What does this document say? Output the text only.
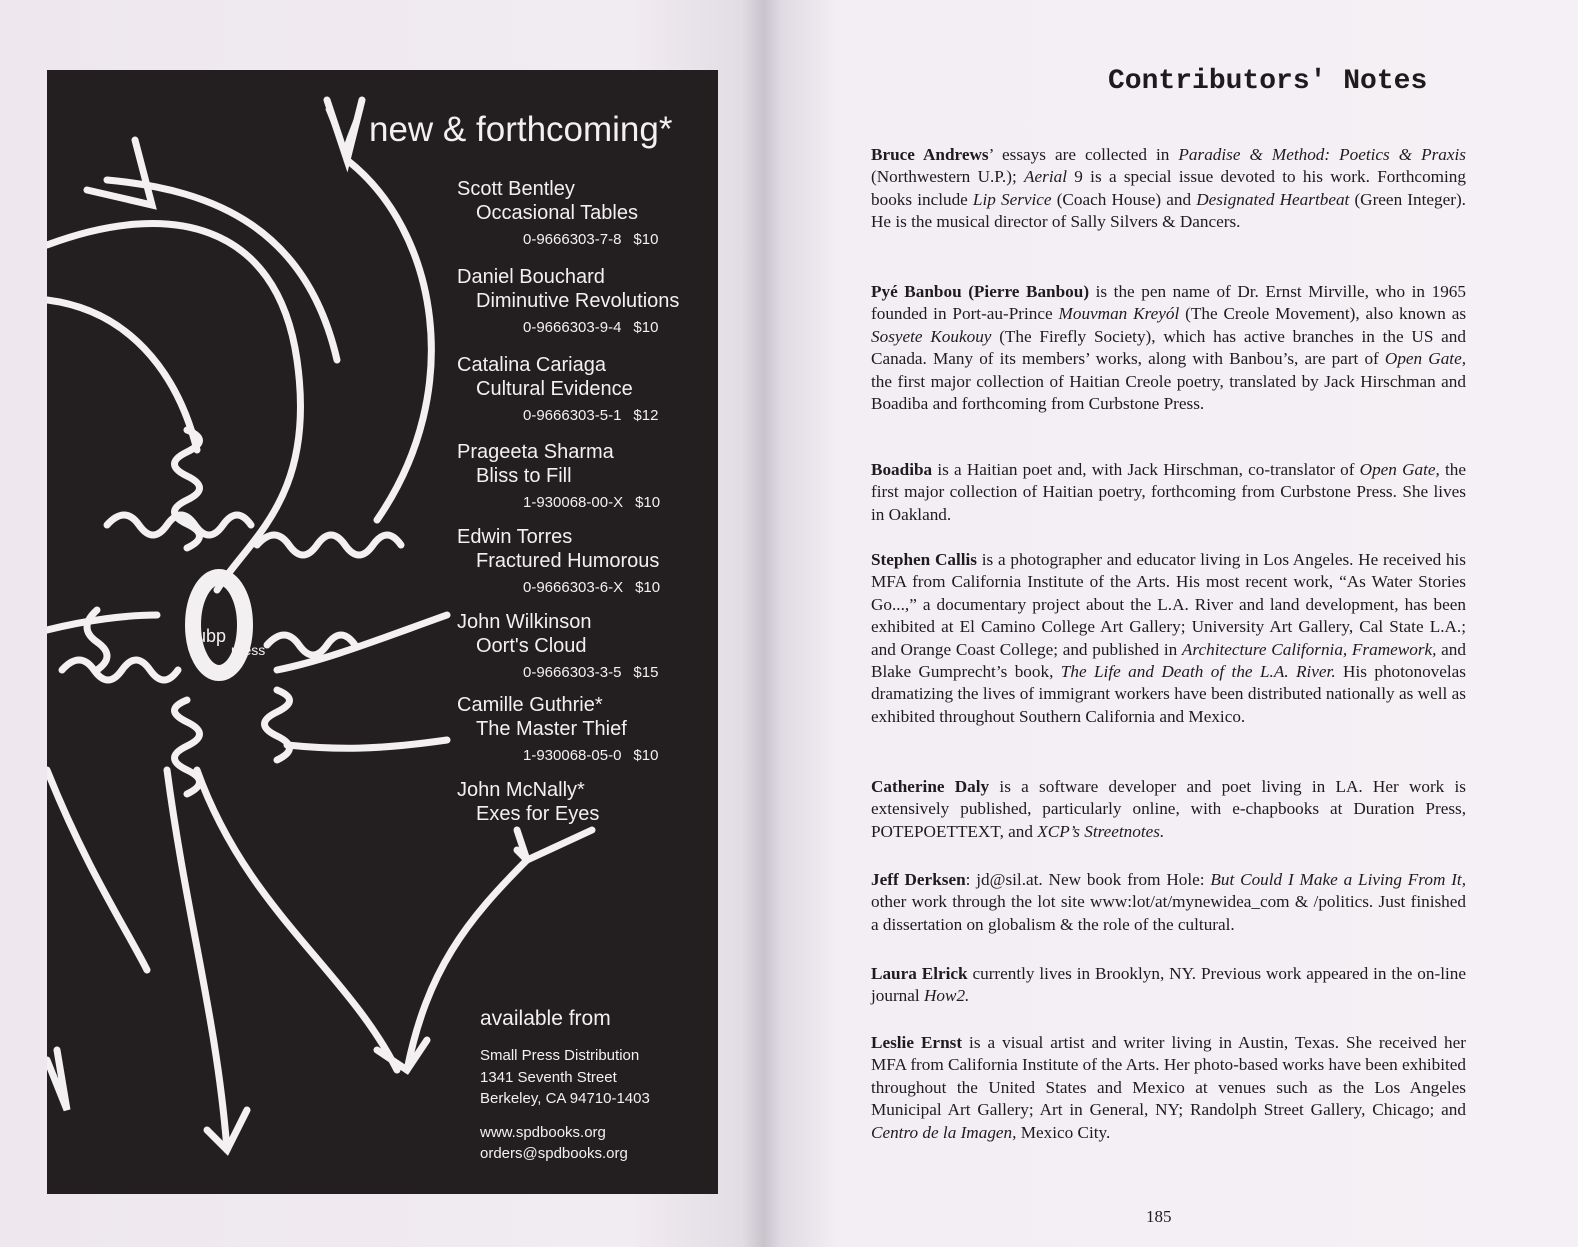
subp
press
V new & forthcoming*
Scott Bentley
Occasional Tables
0-9666303-7-8 $10
Daniel Bouchard
Diminutive Revolutions
0-9666303-9-4 $10
Catalina Cariaga
Cultural Evidence
0-9666303-5-1 $12
Prageeta Sharma
Bliss to Fill
1-930068-00-X $10
Edwin Torres
Fractured Humorous
0-9666303-6-X $10
John Wilkinson
Oort's Cloud
0-9666303-3-5 $15
Camille Guthrie*
The Master Thief
1-930068-05-0 $10
John McNally*
Exes for Eyes
available from
Small Press Distribution
1341 Seventh Street
Berkeley, CA 94710-1403
www.spdbooks.org
orders@spdbooks.org
Contributors' Notes
Bruce Andrews’ essays are collected in Paradise & Method: Poetics & Praxis (Northwestern U.P.); Aerial 9 is a special issue devoted to his work. Forthcoming books include Lip Service (Coach House) and Designated Heartbeat (Green Integer). He is the musical director of Sally Silvers & Dancers.
Pyé Banbou (Pierre Banbou) is the pen name of Dr. Ernst Mirville, who in 1965 founded in Port-au-Prince Mouvman Kreyól (The Creole Movement), also known as Sosyete Koukouy (The Firefly Society), which has active branches in the US and Canada. Many of its members’ works, along with Banbou’s, are part of Open Gate, the first major collection of Haitian Creole poetry, translated by Jack Hirschman and Boadiba and forthcoming from Curbstone Press.
Boadiba is a Haitian poet and, with Jack Hirschman, co-translator of Open Gate, the first major collection of Haitian poetry, forthcoming from Curbstone Press. She lives in Oakland.
Stephen Callis is a photographer and educator living in Los Angeles. He received his MFA from California Institute of the Arts. His most recent work, “As Water Stories Go...,” a documentary project about the L.A. River and land development, has been exhibited at El Camino College Art Gallery; University Art Gallery, Cal State L.A.; and Orange Coast College; and published in Architecture California, Framework, and Blake Gumprecht’s book, The Life and Death of the L.A. River. His photonovelas dramatizing the lives of immigrant workers have been distributed nationally as well as exhibited throughout Southern California and Mexico.
Catherine Daly is a software developer and poet living in LA. Her work is extensively published, particularly online, with e-chapbooks at Duration Press, POTEPOETTEXT, and XCP’s Streetnotes.
Jeff Derksen: jd@sil.at. New book from Hole: But Could I Make a Living From It, other work through the lot site www:lot/at/mynewidea_com & /politics. Just finished a dissertation on globalism & the role of the cultural.
Laura Elrick currently lives in Brooklyn, NY. Previous work appeared in the on-line journal How2.
Leslie Ernst is a visual artist and writer living in Austin, Texas. She received her MFA from California Institute of the Arts. Her photo-based works have been exhibited throughout the United States and Mexico at venues such as the Los Angeles Municipal Art Gallery; Art in General, NY; Randolph Street Gallery, Chicago; and Centro de la Imagen, Mexico City.
185
